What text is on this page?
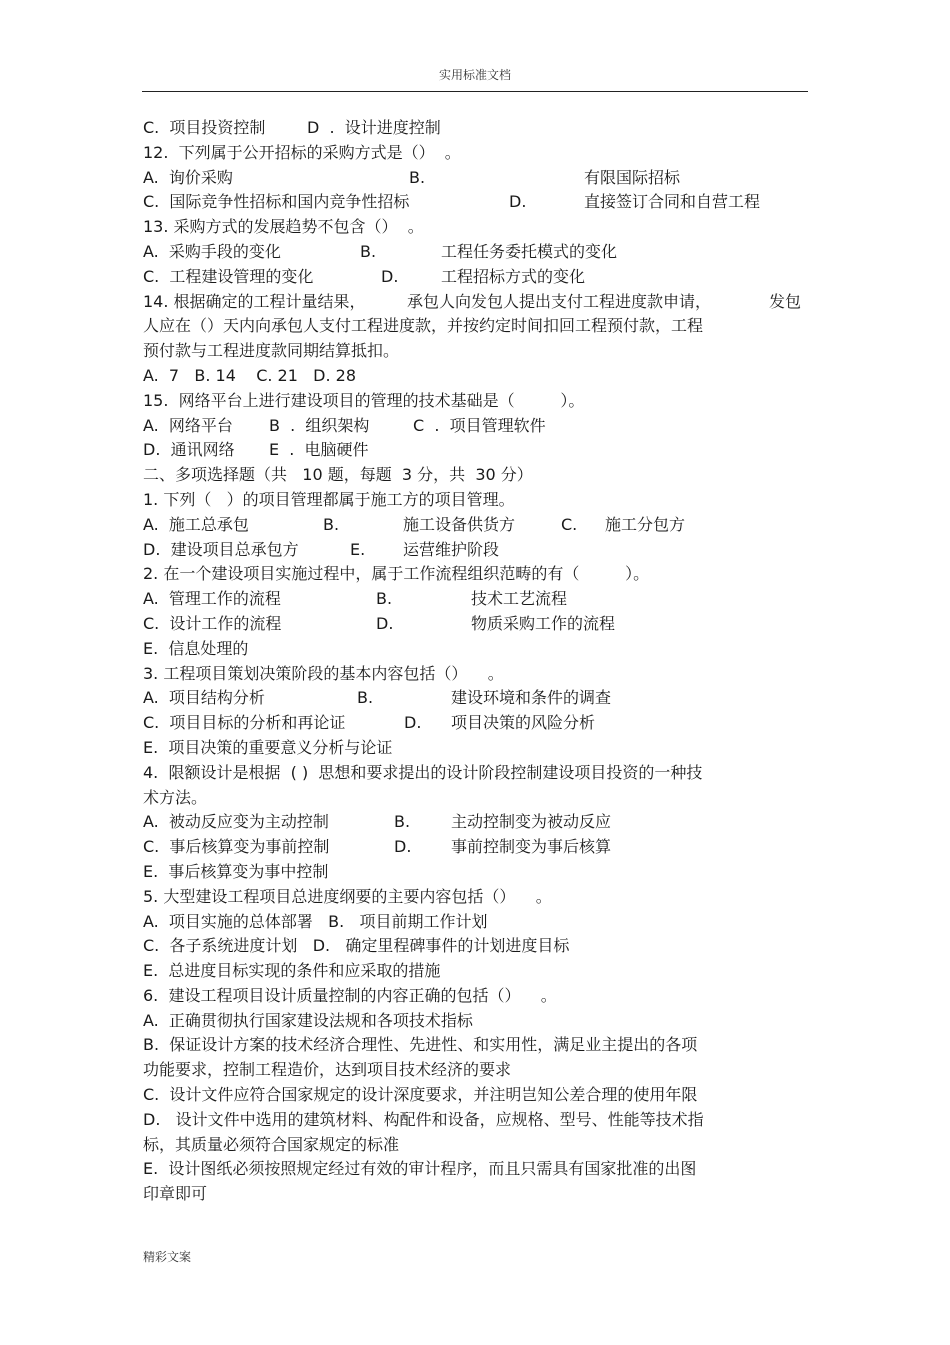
实用标准文档
C.  项目投资控制	D  .  设计进度控制
12.  下列属于公开招标的采购方式是（）  。
A.  询价采购	B.	有限国际招标
C.  国际竞争性招标和国内竞争性招标	D.	直接签订合同和自营工程
13. 采购方式的发展趋势不包含（）  。
A.  采购手段的变化	B.	工程任务委托模式的变化
C.  工程建设管理的变化	D.	工程招标方式的变化
14. 根据确定的工程计量结果，	承包人向发包人提出支付工程进度款申请，	发包
人应在（）天内向承包人支付工程进度款，并按约定时间扣回工程预付款，工程
预付款与工程进度款同期结算抵扣。
A.  7   B. 14    C. 21   D. 28
15.  网络平台上进行建设项目的管理的技术基础是（         ）。
A.  网络平台 B  .  组织架构	C  .  项目管理软件
D.  通讯网络 E  .  电脑硬件
二、多项选择题（共   10 题，每题  3 分，共  30 分）
1. 下列（   ）的项目管理都属于施工方的项目管理。
A.  施工总承包	B.	施工设备供货方	C. 施工分包方
D.  建设项目总承包方	E. 运营维护阶段
2. 在一个建设项目实施过程中，属于工作流程组织范畴的有（         ）。
A.  管理工作的流程	B.	技术工艺流程
C.  设计工作的流程	D.	物质采购工作的流程
E.  信息处理的
3. 工程项目策划决策阶段的基本内容包括（）    。
A.  项目结构分析	B.	建设环境和条件的调查
C.  项目目标的分析和再论证	D. 项目决策的风险分析
E.  项目决策的重要意义分析与论证
4.  限额设计是根据  ( )  思想和要求提出的设计阶段控制建设项目投资的一种技
术方法。
A.  被动反应变为主动控制	B.	主动控制变为被动反应
C.  事后核算变为事前控制	D. 事前控制变为事后核算
E.  事后核算变为事中控制
5. 大型建设工程项目总进度纲要的主要内容包括（）    。
A.  项目实施的总体部署   B.   项目前期工作计划
C.  各子系统进度计划   D.   确定里程碑事件的计划进度目标
E.  总进度目标实现的条件和应采取的措施
6.  建设工程项目设计质量控制的内容正确的包括（）    。
A.  正确贯彻执行国家建设法规和各项技术指标
B.  保证设计方案的技术经济合理性、先进性、和实用性，满足业主提出的各项
功能要求，控制工程造价，达到项目技术经济的要求
C.  设计文件应符合国家规定的设计深度要求，并注明岂知公差合理的使用年限
D.   设计文件中选用的建筑材料、构配件和设备，应规格、型号、性能等技术指
标，其质量必须符合国家规定的标准
E.  设计图纸必须按照规定经过有效的审计程序，而且只需具有国家批准的出图
印章即可
精彩文案
